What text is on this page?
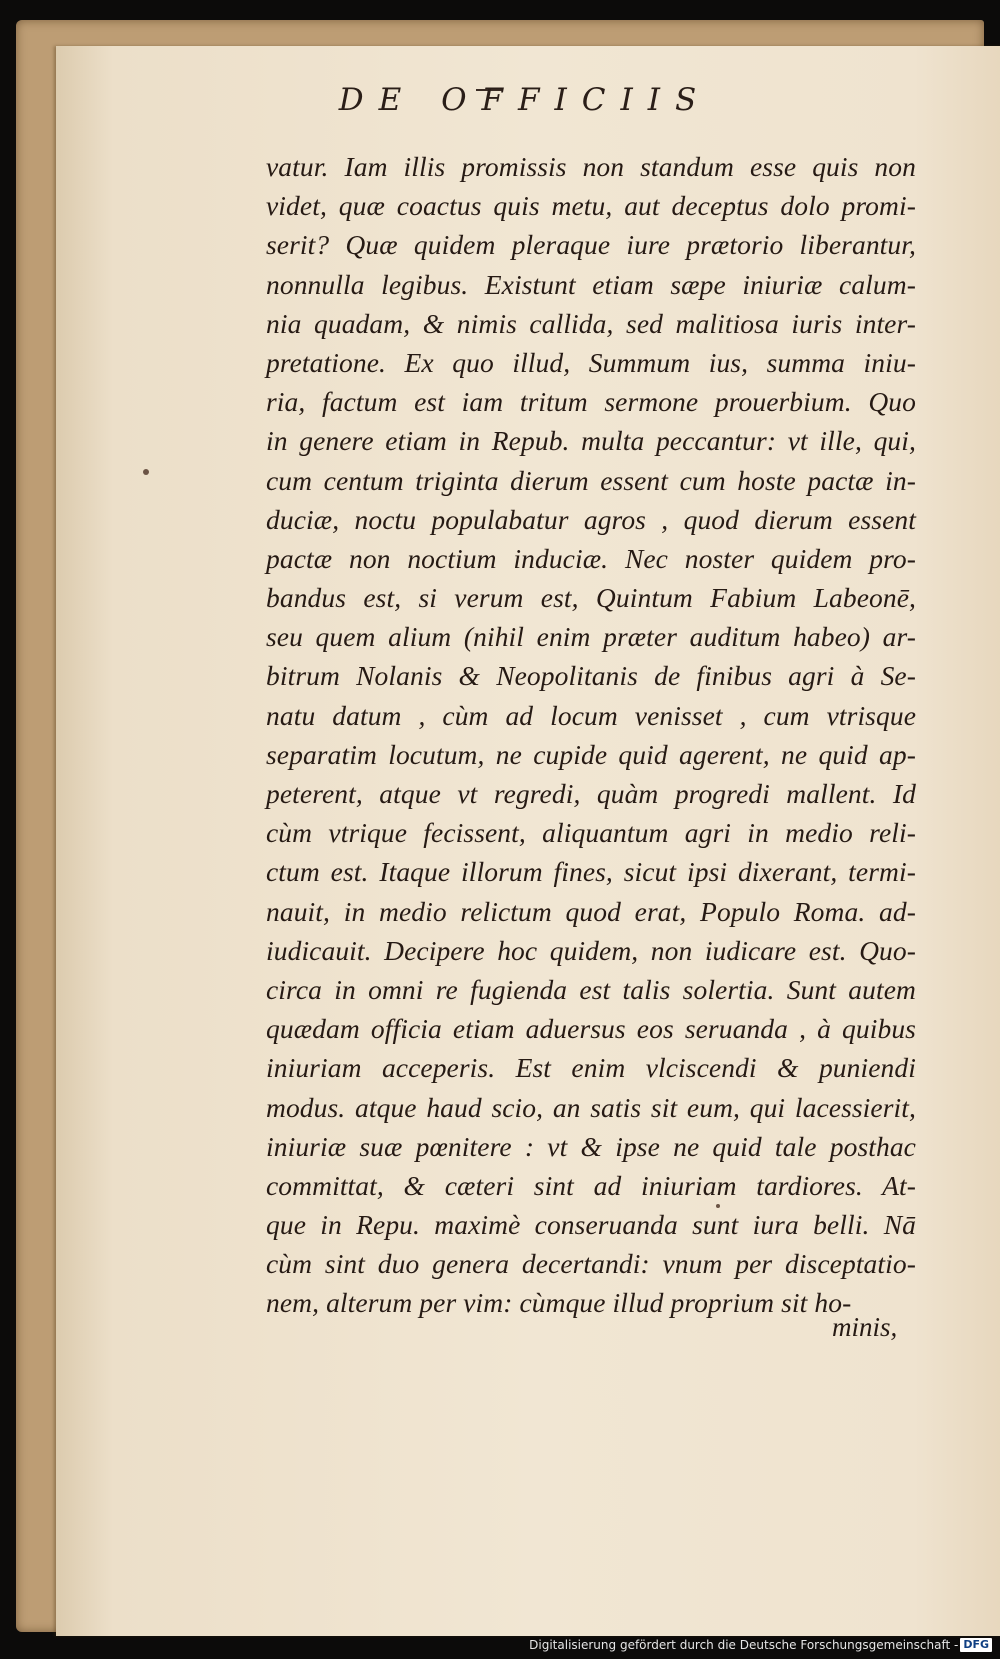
DE OFFICIIS
vatur. Iam illis promissis non standum esse quis non
videt, quæ coactus quis metu, aut deceptus dolo promi-
serit? Quæ quidem pleraque iure prætorio liberantur,
nonnulla legibus. Existunt etiam sæpe iniuriæ calum-
nia quadam, & nimis callida, sed malitiosa iuris inter-
pretatione. Ex quo illud, Summum ius, summa iniu-
ria, factum est iam tritum sermone prouerbium. Quo
in genere etiam in Repub. multa peccantur: vt ille, qui,
cum centum triginta dierum essent cum hoste pactæ in-
duciæ, noctu populabatur agros , quod dierum essent
pactæ non noctium induciæ. Nec noster quidem pro-
bandus est, si verum est, Quintum Fabium Labeonē,
seu quem alium (nihil enim præter auditum habeo) ar-
bitrum Nolanis & Neopolitanis de finibus agri à Se-
natu datum , cùm ad locum venisset , cum vtrisque
separatim locutum, ne cupide quid agerent, ne quid ap-
peterent, atque vt regredi, quàm progredi mallent. Id
cùm vtrique fecissent, aliquantum agri in medio reli-
ctum est. Itaque illorum fines, sicut ipsi dixerant, termi-
nauit, in medio relictum quod erat, Populo Roma. ad-
iudicauit. Decipere hoc quidem, non iudicare est. Quo-
circa in omni re fugienda est talis solertia. Sunt autem
quædam officia etiam aduersus eos seruanda , à quibus
iniuriam acceperis. Est enim vlciscendi & puniendi
modus. atque haud scio, an satis sit eum, qui lacessierit,
iniuriæ suæ pœnitere : vt & ipse ne quid tale posthac
committat, & cæteri sint ad iniuriam tardiores. At-
que in Repu. maximè conseruanda sunt iura belli. Nā
cùm sint duo genera decertandi: vnum per disceptatio-
nem, alterum per vim: cùmque illud proprium sit ho-
minis,
Digitalisierung gefördert durch die Deutsche Forschungsgemeinschaft - DFG
